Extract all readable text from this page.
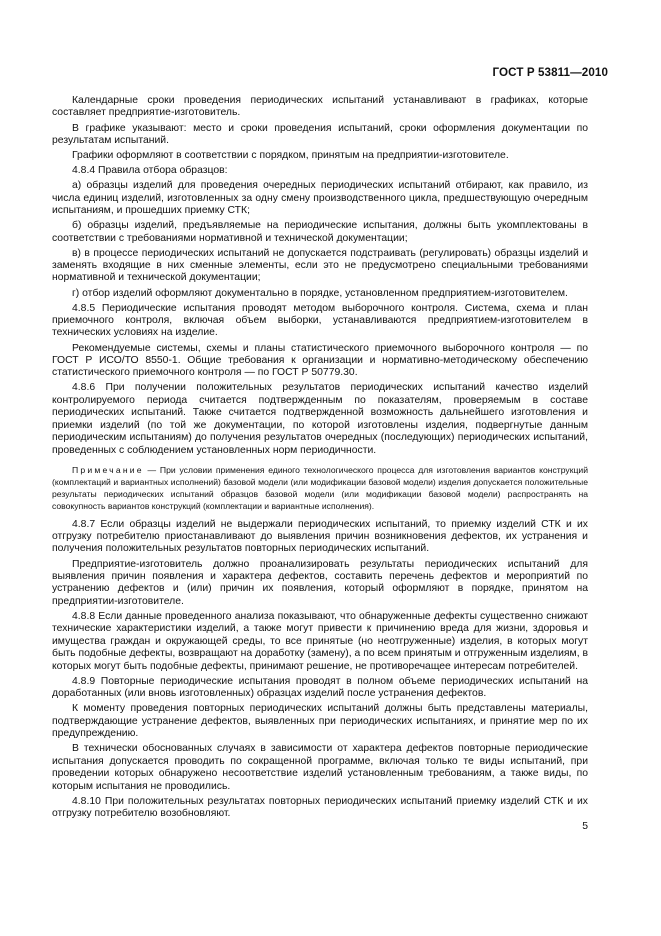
ГОСТ Р 53811—2010

Календарные сроки проведения периодических испытаний устанавливают в графиках, которые составляет предприятие-изготовитель.

В графике указывают: место и сроки проведения испытаний, сроки оформления документации по результатам испытаний.

Графики оформляют в соответствии с порядком, принятым на предприятии-изготовителе.

4.8.4 Правила отбора образцов:

а) образцы изделий для проведения очередных периодических испытаний отбирают, как правило, из числа единиц изделий, изготовленных за одну смену производственного цикла, предшествующую очередным испытаниям, и прошедших приемку СТК;

б) образцы изделий, предъявляемые на периодические испытания, должны быть укомплектованы в соответствии с требованиями нормативной и технической документации;

в) в процессе периодических испытаний не допускается подстраивать (регулировать) образцы изделий и заменять входящие в них сменные элементы, если это не предусмотрено специальными требованиями нормативной и технической документации;

г) отбор изделий оформляют документально в порядке, установленном предприятием-изготовителем.

4.8.5 Периодические испытания проводят методом выборочного контроля. Система, схема и план приемочного контроля, включая объем выборки, устанавливаются предприятием-изготовителем в технических условиях на изделие.

Рекомендуемые системы, схемы и планы статистического приемочного выборочного контроля — по ГОСТ Р ИСО/ТО 8550-1. Общие требования к организации и нормативно-методическому обеспечению статистического приемочного контроля — по ГОСТ Р 50779.30.

4.8.6 При получении положительных результатов периодических испытаний качество изделий контролируемого периода считается подтвержденным по показателям, проверяемым в составе периодических испытаний. Также считается подтвержденной возможность дальнейшего изготовления и приемки изделий (по той же документации, по которой изготовлены изделия, подвергнутые данным периодическим испытаниям) до получения результатов очередных (последующих) периодических испытаний, проведенных с соблюдением установленных норм периодичности.

Примечание — При условии применения единого технологического процесса для изготовления вариантов конструкций (комплектаций и вариантных исполнений) базовой модели (или модификации базовой модели) изделия допускается положительные результаты периодических испытаний образцов базовой модели (или модификации базовой модели) распространять на совокупность вариантов конструкций (комплектации и вариантные исполнения).

4.8.7 Если образцы изделий не выдержали периодических испытаний, то приемку изделий СТК и их отгрузку потребителю приостанавливают до выявления причин возникновения дефектов, их устранения и получения положительных результатов повторных периодических испытаний.

Предприятие-изготовитель должно проанализировать результаты периодических испытаний для выявления причин появления и характера дефектов, составить перечень дефектов и мероприятий по устранению дефектов и (или) причин их появления, который оформляют в порядке, принятом на предприятии-изготовителе.

4.8.8 Если данные проведенного анализа показывают, что обнаруженные дефекты существенно снижают технические характеристики изделий, а также могут привести к причинению вреда для жизни, здоровья и имущества граждан и окружающей среды, то все принятые (но неотгруженные) изделия, в которых могут быть подобные дефекты, возвращают на доработку (замену), а по всем принятым и отгруженным изделиям, в которых могут быть подобные дефекты, принимают решение, не противоречащее интересам потребителей.

4.8.9 Повторные периодические испытания проводят в полном объеме периодических испытаний на доработанных (или вновь изготовленных) образцах изделий после устранения дефектов.

К моменту проведения повторных периодических испытаний должны быть представлены материалы, подтверждающие устранение дефектов, выявленных при периодических испытаниях, и принятие мер по их предупреждению.

В технически обоснованных случаях в зависимости от характера дефектов повторные периодические испытания допускается проводить по сокращенной программе, включая только те виды испытаний, при проведении которых обнаружено несоответствие изделий установленным требованиям, а также виды, по которым испытания не проводились.

4.8.10 При положительных результатах повторных периодических испытаний приемку изделий СТК и их отгрузку потребителю возобновляют.

5
